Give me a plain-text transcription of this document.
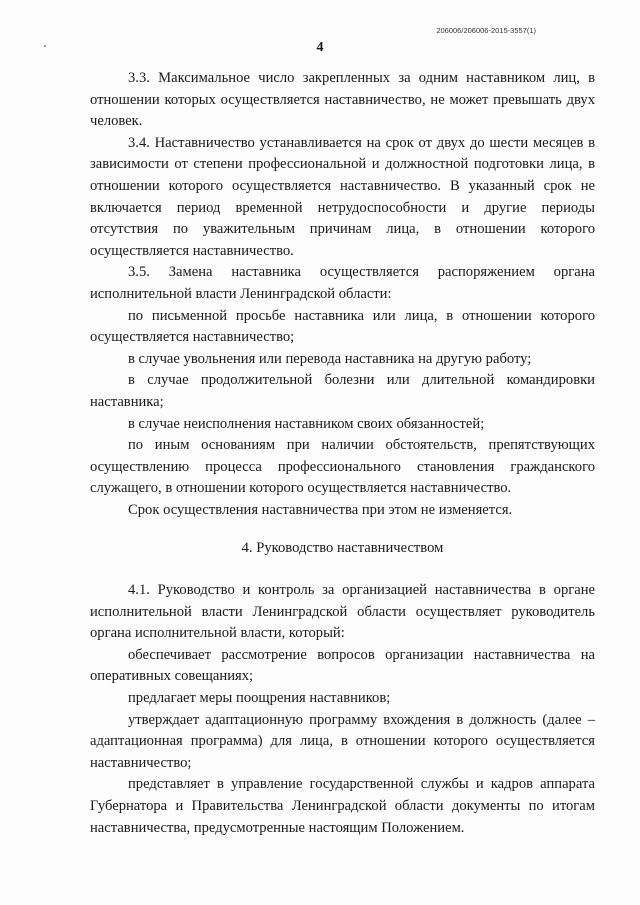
206006/206006-2015-3557(1)
4

3.3. Максимальное число закрепленных за одним наставником лиц, в отношении которых осуществляется наставничество, не может превышать двух человек.

3.4. Наставничество устанавливается на срок от двух до шести месяцев в зависимости от степени профессиональной и должностной подготовки лица, в отношении которого осуществляется наставничество. В указанный срок не включается период временной нетрудоспособности и другие периоды отсутствия по уважительным причинам лица, в отношении которого осуществляется наставничество.

3.5. Замена наставника осуществляется распоряжением органа исполнительной власти Ленинградской области:

по письменной просьбе наставника или лица, в отношении которого осуществляется наставничество;

в случае увольнения или перевода наставника на другую работу;

в случае продолжительной болезни или длительной командировки наставника;

в случае неисполнения наставником своих обязанностей;

по иным основаниям при наличии обстоятельств, препятствующих осуществлению процесса профессионального становления гражданского служащего, в отношении которого осуществляется наставничество.

Срок осуществления наставничества при этом не изменяется.

4. Руководство наставничеством

4.1. Руководство и контроль за организацией наставничества в органе исполнительной власти Ленинградской области осуществляет руководитель органа исполнительной власти, который:

обеспечивает рассмотрение вопросов организации наставничества на оперативных совещаниях;

предлагает меры поощрения наставников;

утверждает адаптационную программу вхождения в должность (далее – адаптационная программа) для лица, в отношении которого осуществляется наставничество;

представляет в управление государственной службы и кадров аппарата Губернатора и Правительства Ленинградской области документы по итогам наставничества, предусмотренные настоящим Положением.
